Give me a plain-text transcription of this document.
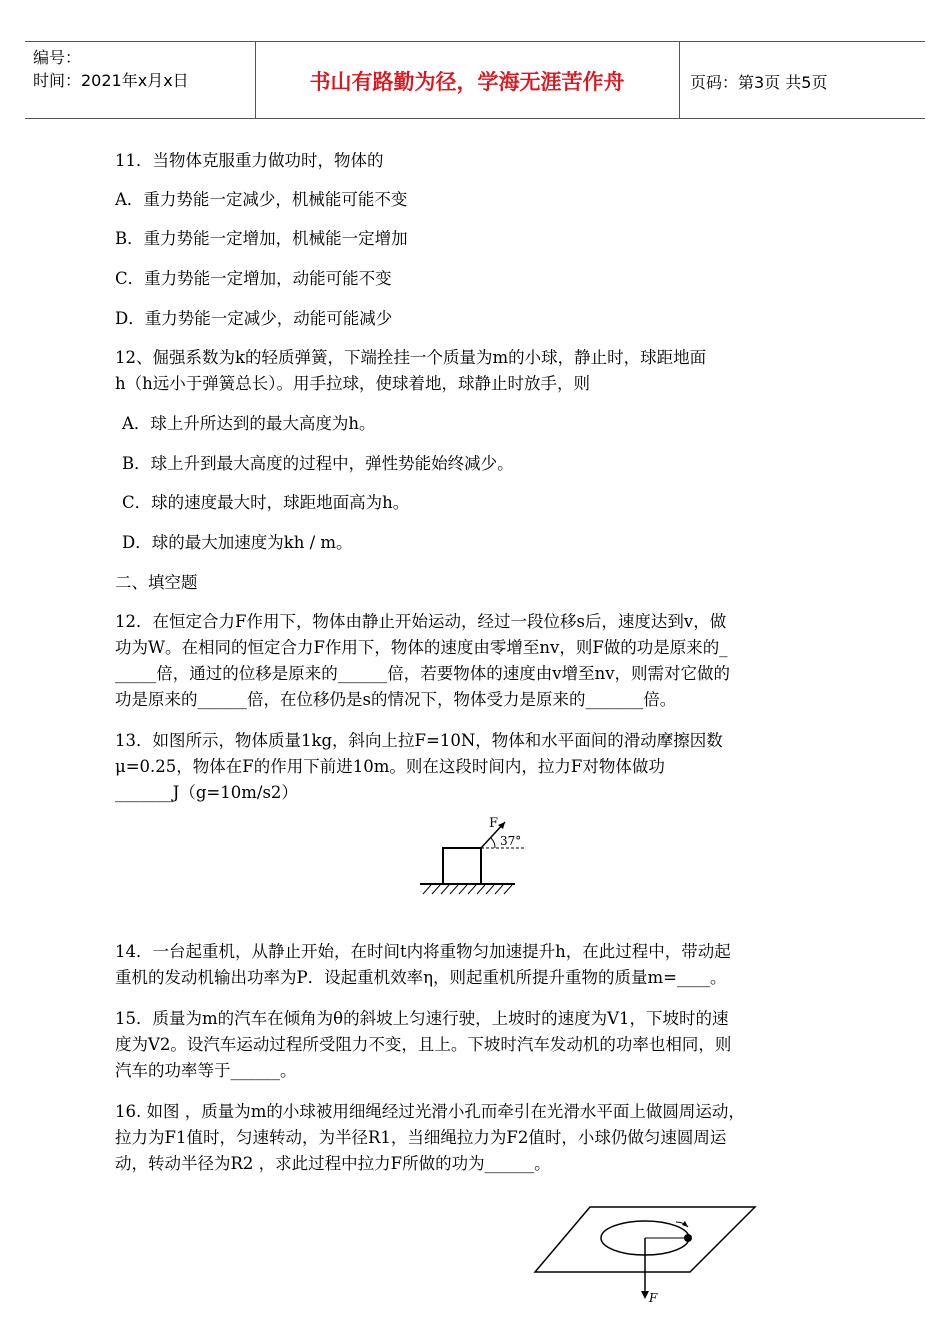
编号：
时间：2021年x月x日	书山有路勤为径，学海无涯苦作舟	页码：第3页 共5页
11．当物体克服重力做功时，物体的
A．重力势能一定减少，机械能可能不变
B．重力势能一定增加，机械能一定增加
C．重力势能一定增加，动能可能不变
D．重力势能一定减少，动能可能减少
12、倔强系数为k的轻质弹簧，下端拴挂一个质量为m的小球，静止时，球距地面
h（h远小于弹簧总长）。用手拉球，使球着地，球静止时放手，则
A．球上升所达到的最大高度为h。
B．球上升到最大高度的过程中，弹性势能始终减少。
C．球的速度最大时，球距地面高为h。
D．球的最大加速度为kh / m。
二、填空题
12．在恒定合力F作用下，物体由静止开始运动，经过一段位移s后，速度达到v，做
功为W。在相同的恒定合力F作用下，物体的速度由零增至nv，则F做的功是原来的_
_____倍，通过的位移是原来的______倍，若要物体的速度由v增至nv，则需对它做的
功是原来的______倍，在位移仍是s的情况下，物体受力是原来的_______倍。
13．如图所示，物体质量1kg，斜向上拉F=10N，物体和水平面间的滑动摩擦因数
μ=0.25，物体在F的作用下前进10m。则在这段时间内，拉力F对物体做功
_______J（g=10m/s2）
F
37°
14．一台起重机，从静止开始，在时间t内将重物匀加速提升h，在此过程中，带动起
重机的发动机输出功率为P．设起重机效率η，则起重机所提升重物的质量m=____。
15．质量为m的汽车在倾角为θ的斜坡上匀速行驶，上坡时的速度为V1，下坡时的速
度为V2。设汽车运动过程所受阻力不变，且上。下坡时汽车发动机的功率也相同，则
汽车的功率等于______。
16. 如图 ，质量为m的小球被用细绳经过光滑小孔而牵引在光滑水平面上做圆周运动，
拉力为F1值时，匀速转动，为半径R1，当细绳拉力为F2值时，小球仍做匀速圆周运
动，转动半径为R2 ，求此过程中拉力F所做的功为______。
F
